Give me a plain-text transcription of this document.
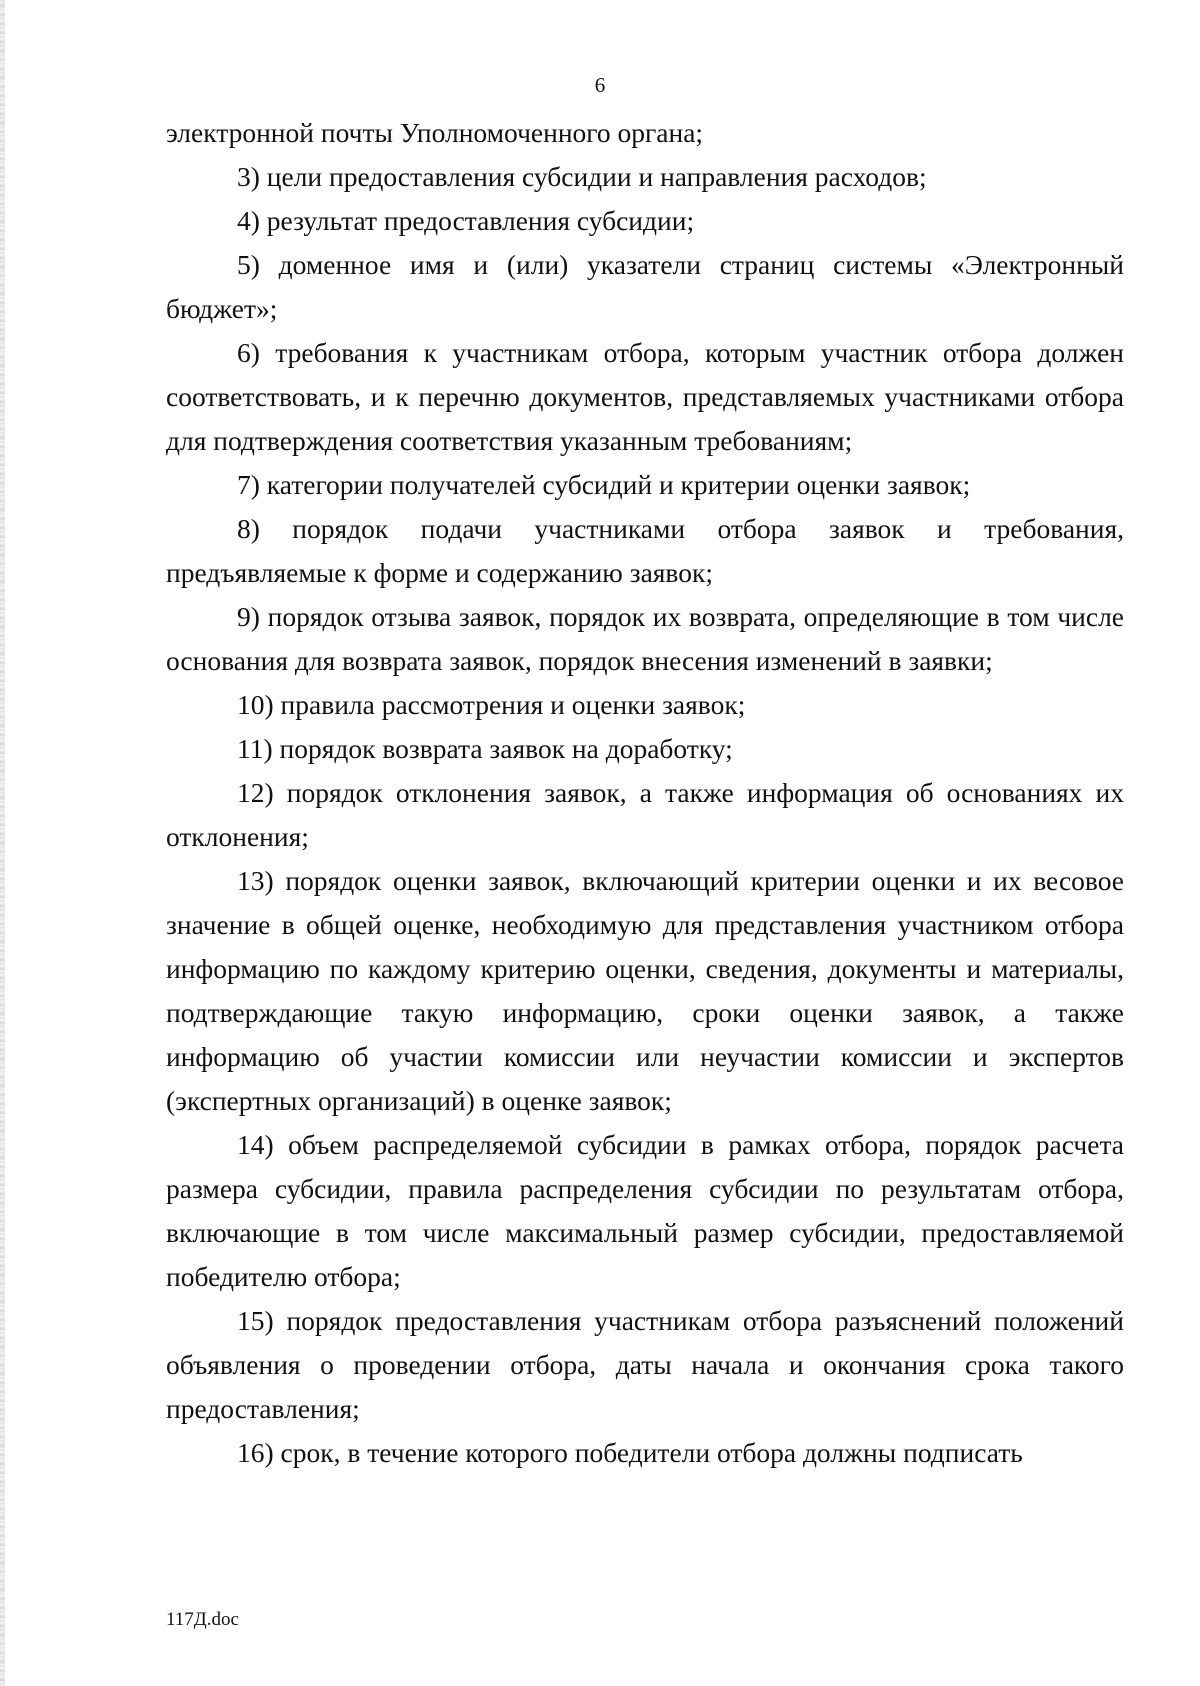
6

электронной почты Уполномоченного органа;

3) цели предоставления субсидии и направления расходов;

4) результат предоставления субсидии;

5) доменное имя и (или) указатели страниц системы «Электронный бюджет»;

6) требования к участникам отбора, которым участник отбора должен соответствовать, и к перечню документов, представляемых участниками отбора для подтверждения соответствия указанным требованиям;

7) категории получателей субсидий и критерии оценки заявок;

8) порядок подачи участниками отбора заявок и требования, предъявляемые к форме и содержанию заявок;

9) порядок отзыва заявок, порядок их возврата, определяющие в том числе основания для возврата заявок, порядок внесения изменений в заявки;

10) правила рассмотрения и оценки заявок;

11) порядок возврата заявок на доработку;

12) порядок отклонения заявок, а также информация об основаниях их отклонения;

13) порядок оценки заявок, включающий критерии оценки и их весовое значение в общей оценке, необходимую для представления участником отбора информацию по каждому критерию оценки, сведения, документы и материалы, подтверждающие такую информацию, сроки оценки заявок, а также информацию об участии комиссии или неучастии комиссии и экспертов (экспертных организаций) в оценке заявок;

14) объем распределяемой субсидии в рамках отбора, порядок расчета размера субсидии, правила распределения субсидии по результатам отбора, включающие в том числе максимальный размер субсидии, предоставляемой победителю отбора;

15) порядок предоставления участникам отбора разъяснений положений объявления о проведении отбора, даты начала и окончания срока такого предоставления;

16) срок, в течение которого победители отбора должны подписать

117Д.doc
